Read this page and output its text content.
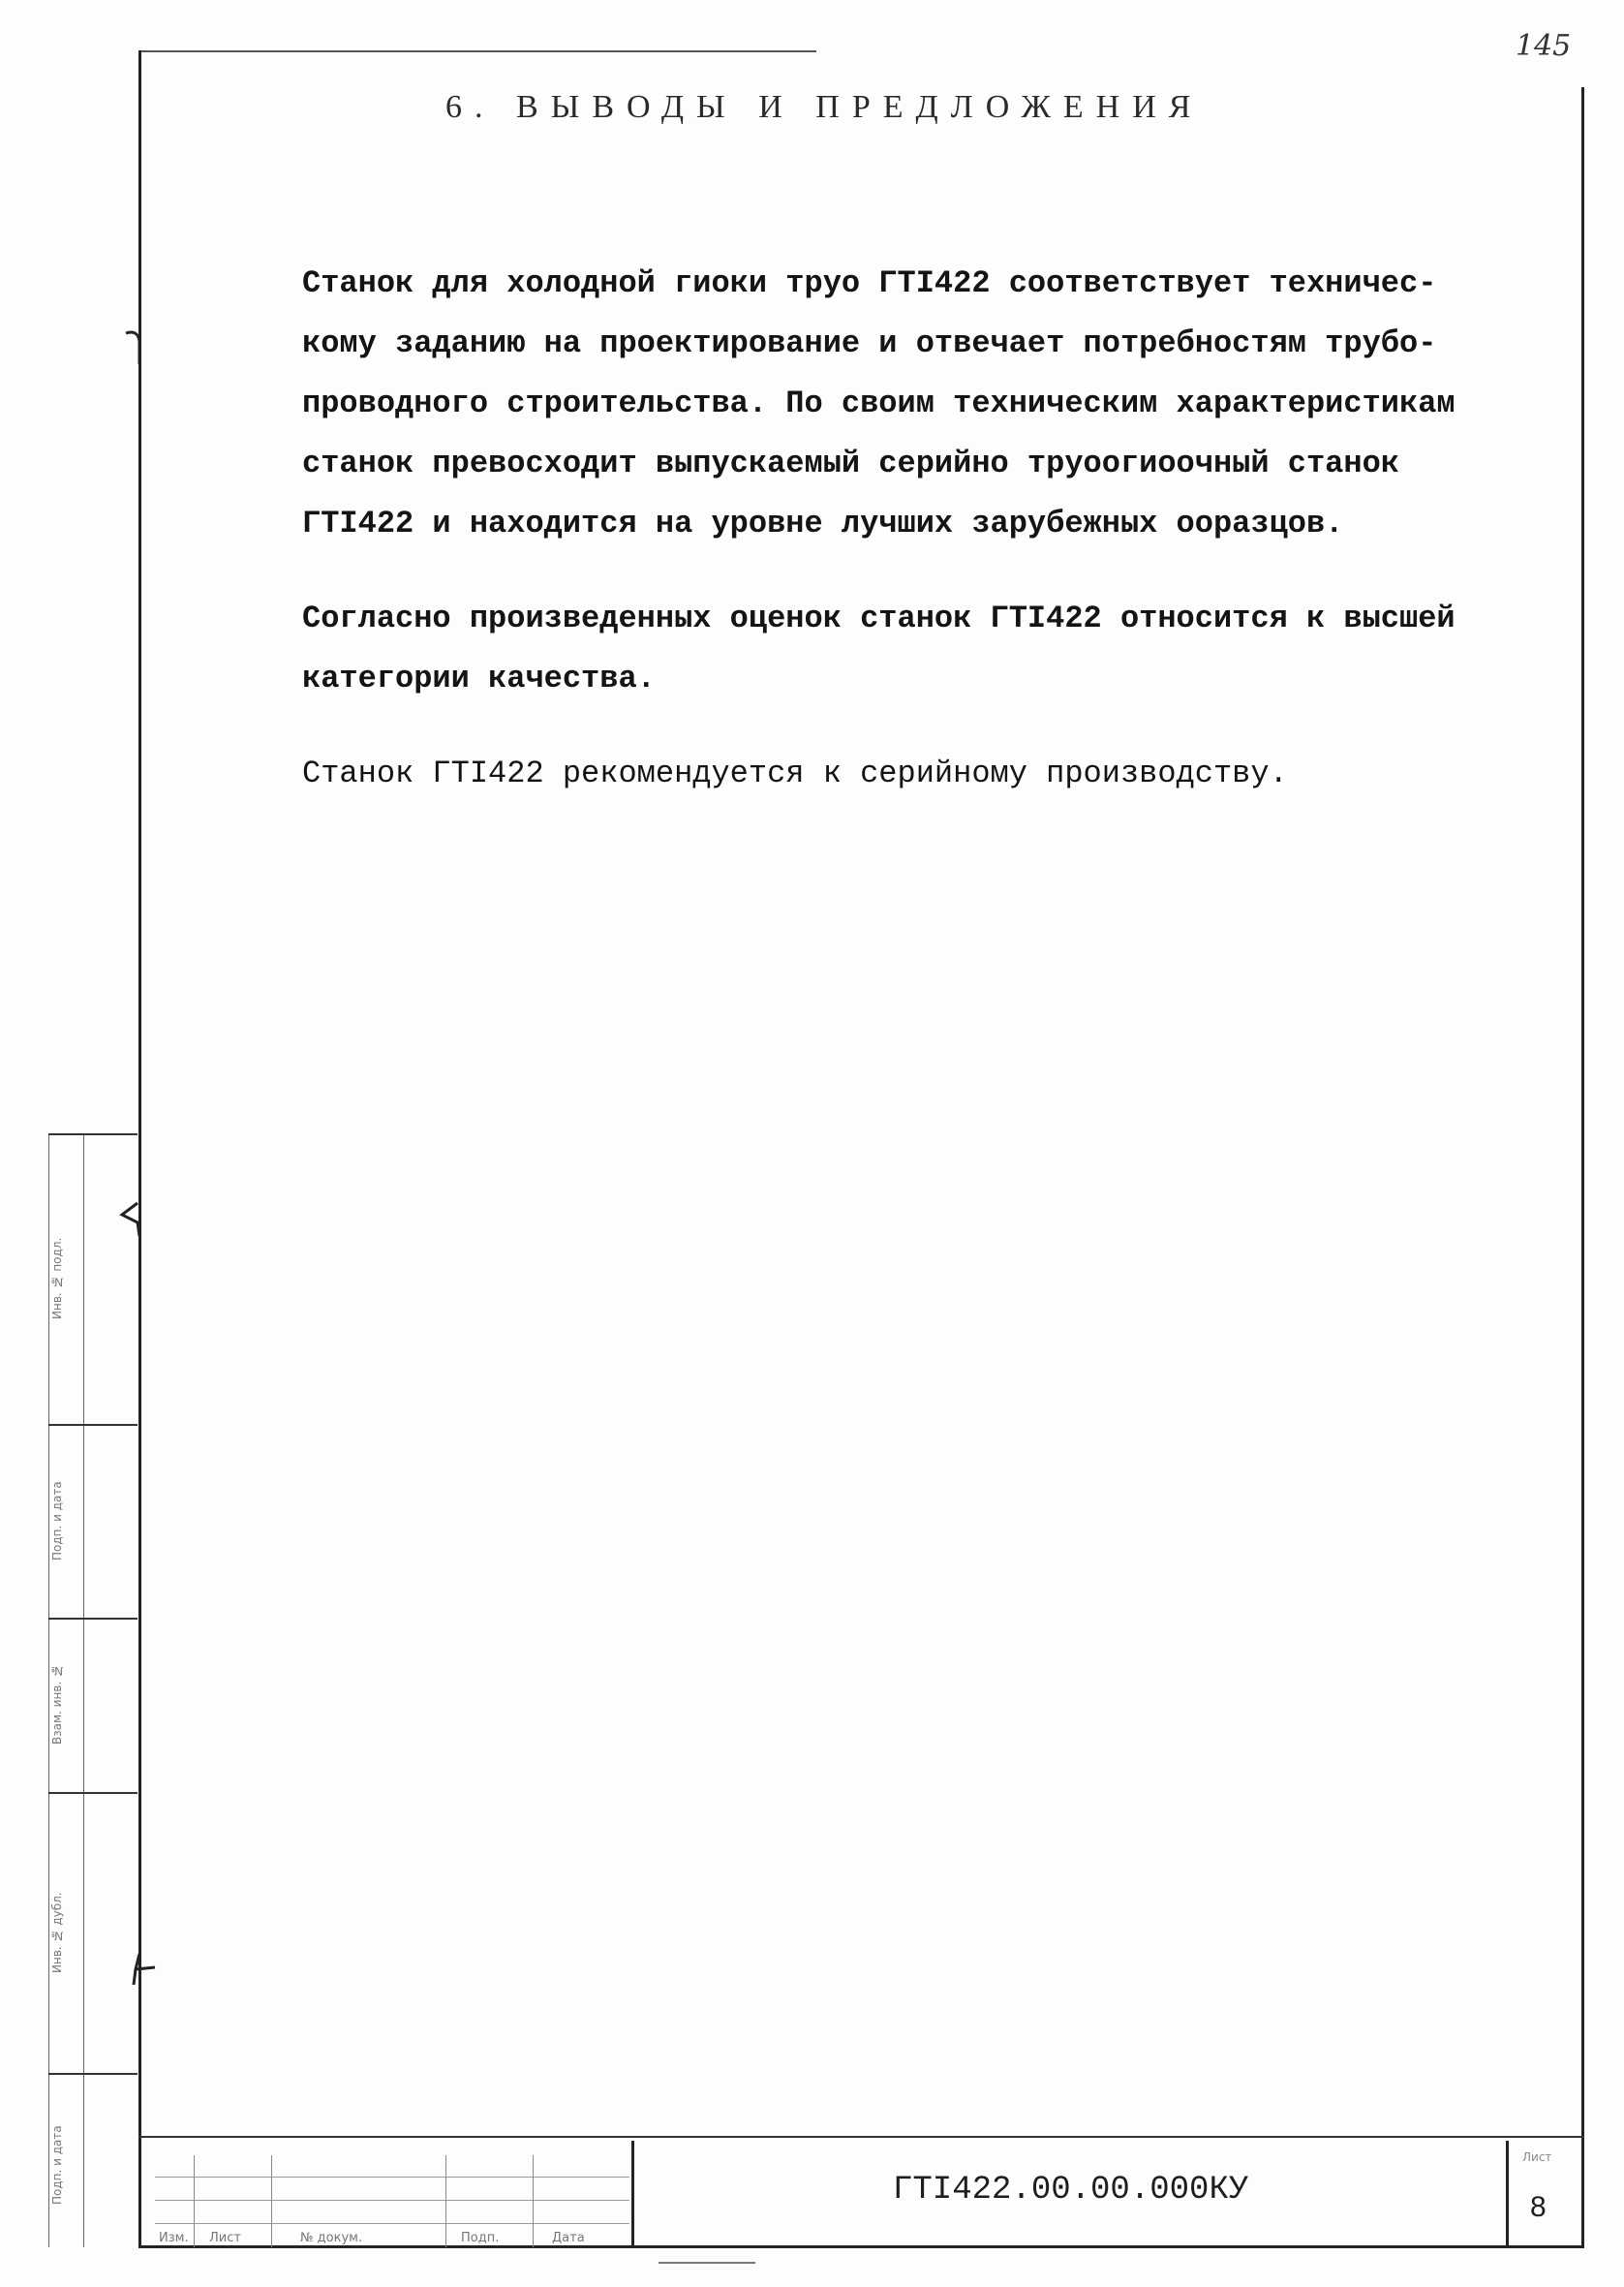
145
6. ВЫВОДЫ И ПРЕДЛОЖЕНИЯ
Станок для холодной гиоки труо ГТI422 соответствует техничес-
кому заданию на проектирование и отвечает потребностям трубо-
проводного строительства. По своим техническим характеристикам
станок превосходит выпускаемый серийно труоогиоочный станок
ГТI422 и находится на уровне лучших зарубежных ооразцов.
Согласно произведенных оценок станок ГТI422 относится к высшей
категории качества.
Станок ГТI422 рекомендуется к серийному производству.
Инв. № подл.
Подп. и дата
Взам. инв. №
Инв. № дубл.
Подп. и дата
Изм. Лист	№ докум.	Подп.	Дата
ГТI422.00.00.000КУ
Лист
8
